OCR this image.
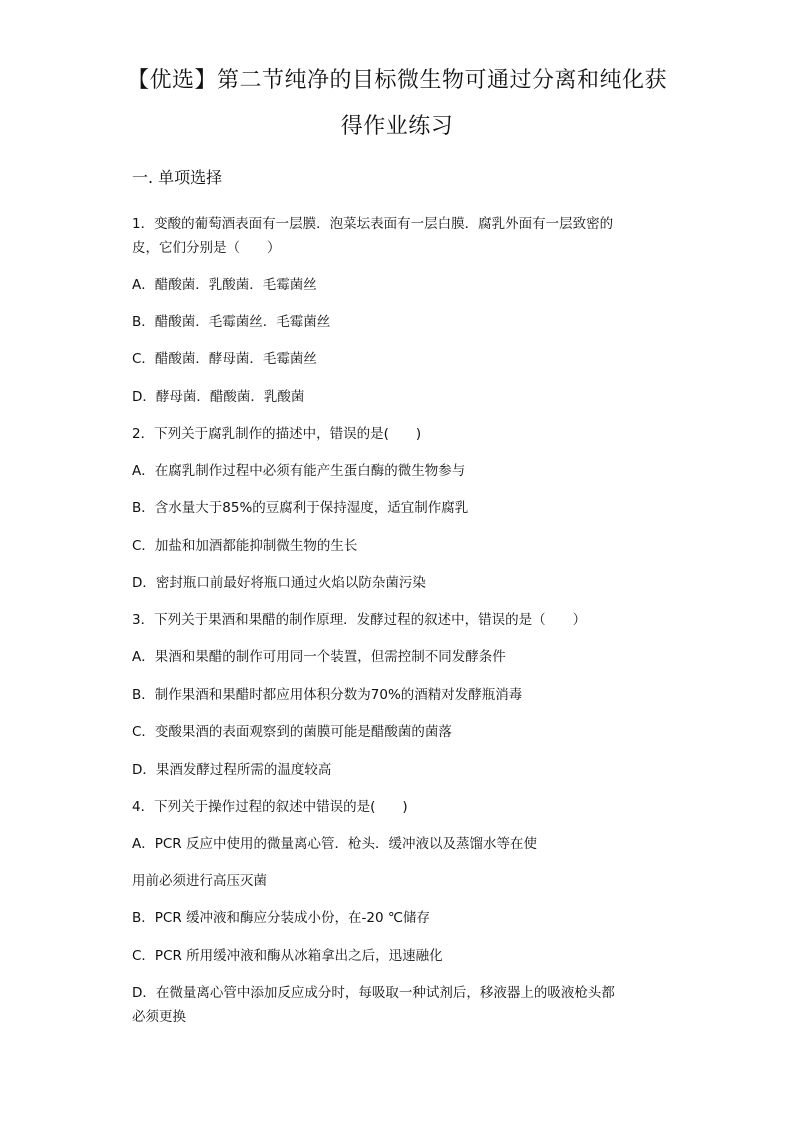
【优选】第二节纯净的目标微生物可通过分离和纯化获
得作业练习
一. 单项选择
1．变酸的葡萄酒表面有一层膜．泡菜坛表面有一层白膜．腐乳外面有一层致密的
皮，它们分别是（　　）
A．醋酸菌．乳酸菌．毛霉菌丝
B．醋酸菌．毛霉菌丝．毛霉菌丝
C．醋酸菌．酵母菌．毛霉菌丝
D．酵母菌．醋酸菌．乳酸菌
2．下列关于腐乳制作的描述中，错误的是(　　)
A．在腐乳制作过程中必须有能产生蛋白酶的微生物参与
B．含水量大于85%的豆腐利于保持湿度，适宜制作腐乳
C．加盐和加酒都能抑制微生物的生长
D．密封瓶口前最好将瓶口通过火焰以防杂菌污染
3．下列关于果酒和果醋的制作原理．发酵过程的叙述中，错误的是（　　）
A．果酒和果醋的制作可用同一个装置，但需控制不同发酵条件
B．制作果酒和果醋时都应用体积分数为70%的酒精对发酵瓶消毒
C．变酸果酒的表面观察到的菌膜可能是醋酸菌的菌落
D．果酒发酵过程所需的温度较高
4．下列关于操作过程的叙述中错误的是(　　)
A．PCR 反应中使用的微量离心管．枪头．缓冲液以及蒸馏水等在使
用前必须进行高压灭菌
B．PCR 缓冲液和酶应分装成小份，在-20 ℃储存
C．PCR 所用缓冲液和酶从冰箱拿出之后，迅速融化
D．在微量离心管中添加反应成分时，每吸取一种试剂后，移液器上的吸液枪头都
必须更换
